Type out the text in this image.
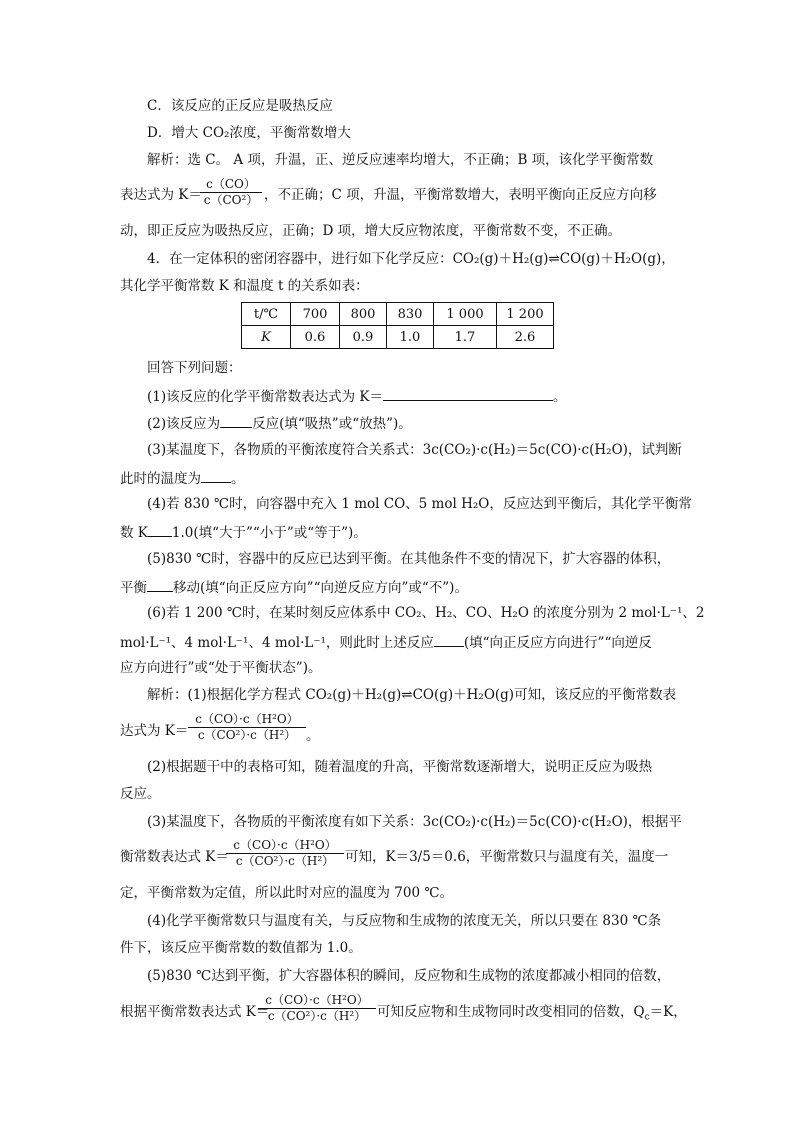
C．该反应的正反应是吸热反应
D．增大 CO₂浓度，平衡常数增大
解析：选 C。 A 项，升温，正、逆反应速率均增大，不正确；B 项，该化学平衡常数
表达式为 K＝
c（CO）
c（CO²） ，不正确；C 项，升温，平衡常数增大，表明平衡向正反应方向移
动，即正反应为吸热反应，正确；D 项，增大反应物浓度，平衡常数不变，不正确。
4．在一定体积的密闭容器中，进行如下化学反应：CO₂(g)＋H₂(g)⇌CO(g)＋H₂O(g)，
其化学平衡常数 K 和温度 t 的关系如表：
t/℃	700	800	830	1 000	1 200
K	0.6	0.9	1.0	1.7	2.6
回答下列问题：
(1)该反应的化学平衡常数表达式为 K＝	。
(2)该反应为 反应(填“吸热”或“放热”)。
(3)某温度下，各物质的平衡浓度符合关系式：3c(CO₂)·c(H₂)＝5c(CO)·c(H₂O)，试判断
此时的温度为 。
(4)若 830 ℃时，向容器中充入 1 mol CO、5 mol H₂O，反应达到平衡后，其化学平衡常
数 K 1.0(填“大于”“小于”或“等于”)。
(5)830 ℃时，容器中的反应已达到平衡。在其他条件不变的情况下，扩大容器的体积，
平衡 移动(填“向正反应方向”“向逆反应方向”或“不”)。
(6)若 1 200 ℃时，在某时刻反应体系中 CO₂、H₂、CO、H₂O 的浓度分别为 2 mol·L⁻¹、2
mol·L⁻¹、4 mol·L⁻¹、4 mol·L⁻¹，则此时上述反应 (填“向正反应方向进行”“向逆反
应方向进行”或“处于平衡状态”)。
解析：(1)根据化学方程式 CO₂(g)＋H₂(g)⇌CO(g)＋H₂O(g)可知，该反应的平衡常数表
达式为 K＝
c（CO）·c（H²O）
c（CO²）·c（H²） 。
(2)根据题干中的表格可知，随着温度的升高，平衡常数逐渐增大，说明正反应为吸热
反应。
(3)某温度下，各物质的平衡浓度有如下关系：3c(CO₂)·c(H₂)＝5c(CO)·c(H₂O)，根据平
衡常数表达式 K＝
c（CO）·c（H²O）
c（CO²）·c（H²） 可知，K＝3/5＝0.6，平衡常数只与温度有关，温度一
定，平衡常数为定值，所以此时对应的温度为 700 ℃。
(4)化学平衡常数只与温度有关，与反应物和生成物的浓度无关，所以只要在 830 ℃条
件下，该反应平衡常数的数值都为 1.0。
(5)830 ℃达到平衡，扩大容器体积的瞬间，反应物和生成物的浓度都减小相同的倍数，
根据平衡常数表达式 K＝
c（CO）·c（H²O）
c（CO²）·c（H²） 可知反应物和生成物同时改变相同的倍数，$Q_c=K$，
